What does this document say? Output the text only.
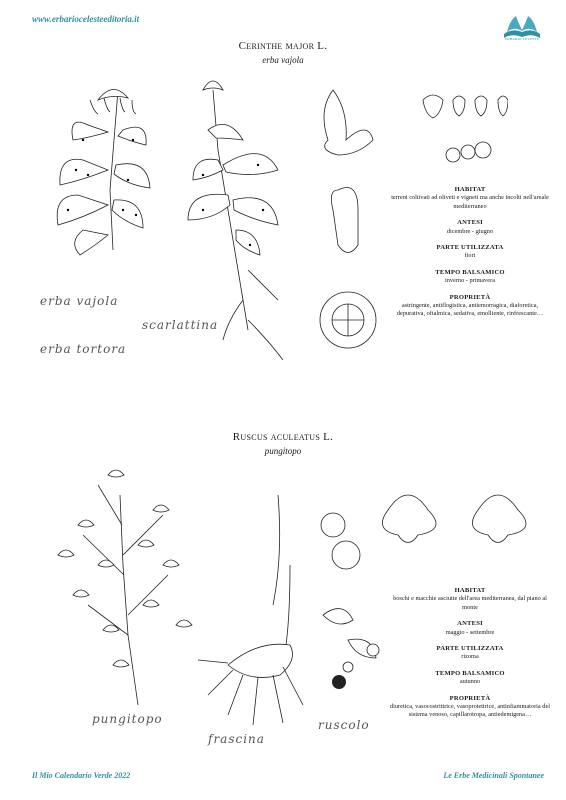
www.erbariocelesteeditoria.it
ERBARIO CELESTE
Cerinthe major L.
erba vajola
erba vajola
scarlattina
erba tortora
HABITAT
terreni coltivati ad oliveti e vigneti ma anche incolti nell'areale mediterraneo
ANTESI
dicembre - giugno
PARTE UTILIZZATA
fiori
TEMPO BALSAMICO
inverno - primavera
PROPRIETÀ
astringente, antiflogistica, antiemorragica, diaforetica, depurativa, oftalmica, sedativa, emolliente, rinfrescante…
Ruscus aculeatus L.
pungitopo
pungitopo
frascina
ruscolo
HABITAT
boschi e macchie asciutte dell'area mediterranea, dal piano al monte
ANTESI
maggio - settembre
PARTE UTILIZZATA
rizoma
TEMPO BALSAMICO
autunno
PROPRIETÀ
diuretica, vasocostrittrice, vasoprotettrice, antinfiammatoria del sistema venoso, capillarotropa, antiedemigena…
Il Mio Calendario Verde 2022	Le Erbe Medicinali Spontanee
